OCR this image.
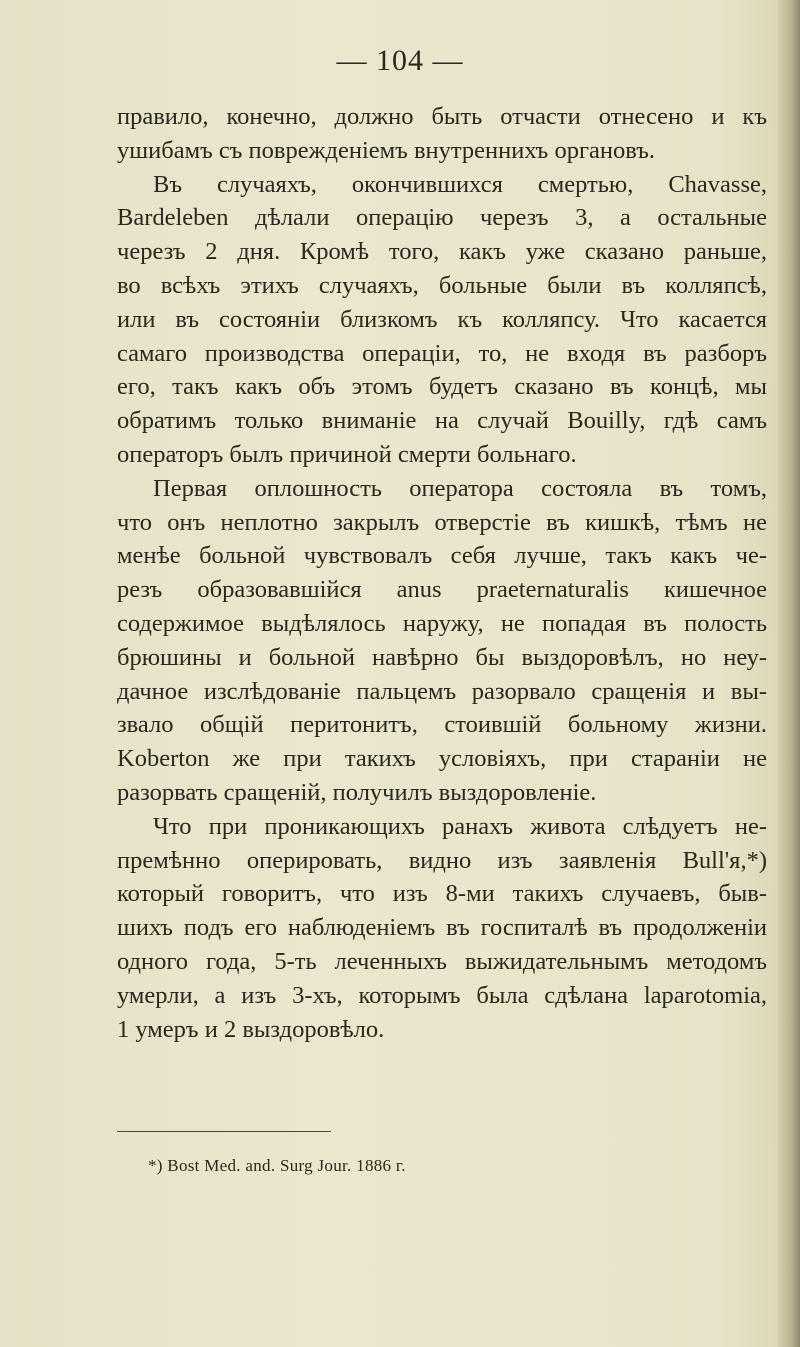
— 104 —
правило, конечно, должно быть отчасти отнесено и къ
ушибамъ съ поврежденіемъ внутреннихъ органовъ.
Въ случаяхъ, окончившихся смертью, Chavasse,
Bardeleben дѣлали операцію черезъ 3, а остальные
черезъ 2 дня. Кромѣ того, какъ уже сказано раньше,
во всѣхъ этихъ случаяхъ, больные были въ колляпсѣ,
или въ состояніи близкомъ къ колляпсу. Что касается
самаго производства операціи, то, не входя въ разборъ
его, такъ какъ объ этомъ будетъ сказано въ концѣ, мы
обратимъ только вниманіе на случай Bouilly, гдѣ самъ
операторъ былъ причиной смерти больнаго.
Первая оплошность оператора состояла въ томъ,
что онъ неплотно закрылъ отверстіе въ кишкѣ, тѣмъ не
менѣе больной чувствовалъ себя лучше, такъ какъ че-
резъ образовавшійся anus praeternaturalis кишечное
содержимое выдѣлялось наружу, не попадая въ полость
брюшины и больной навѣрно бы выздоровѣлъ, но неу-
дачное изслѣдованіе пальцемъ разорвало сращенія и вы-
звало общій перитонитъ, стоившій больному жизни.
Koberton же при такихъ условіяхъ, при стараніи не
разорвать сращеній, получилъ выздоровленіе.
Что при проникающихъ ранахъ живота слѣдуетъ не-
премѣнно оперировать, видно изъ заявленія Bull'я,*)
который говоритъ, что изъ 8-ми такихъ случаевъ, быв-
шихъ подъ его наблюденіемъ въ госпиталѣ въ продолженіи
одного года, 5-ть леченныхъ выжидательнымъ методомъ
умерли, а изъ 3-хъ, которымъ была сдѣлана laparotomia,
1 умеръ и 2 выздоровѣло.
*) Bost Med. and. Surg Jour. 1886 г.
